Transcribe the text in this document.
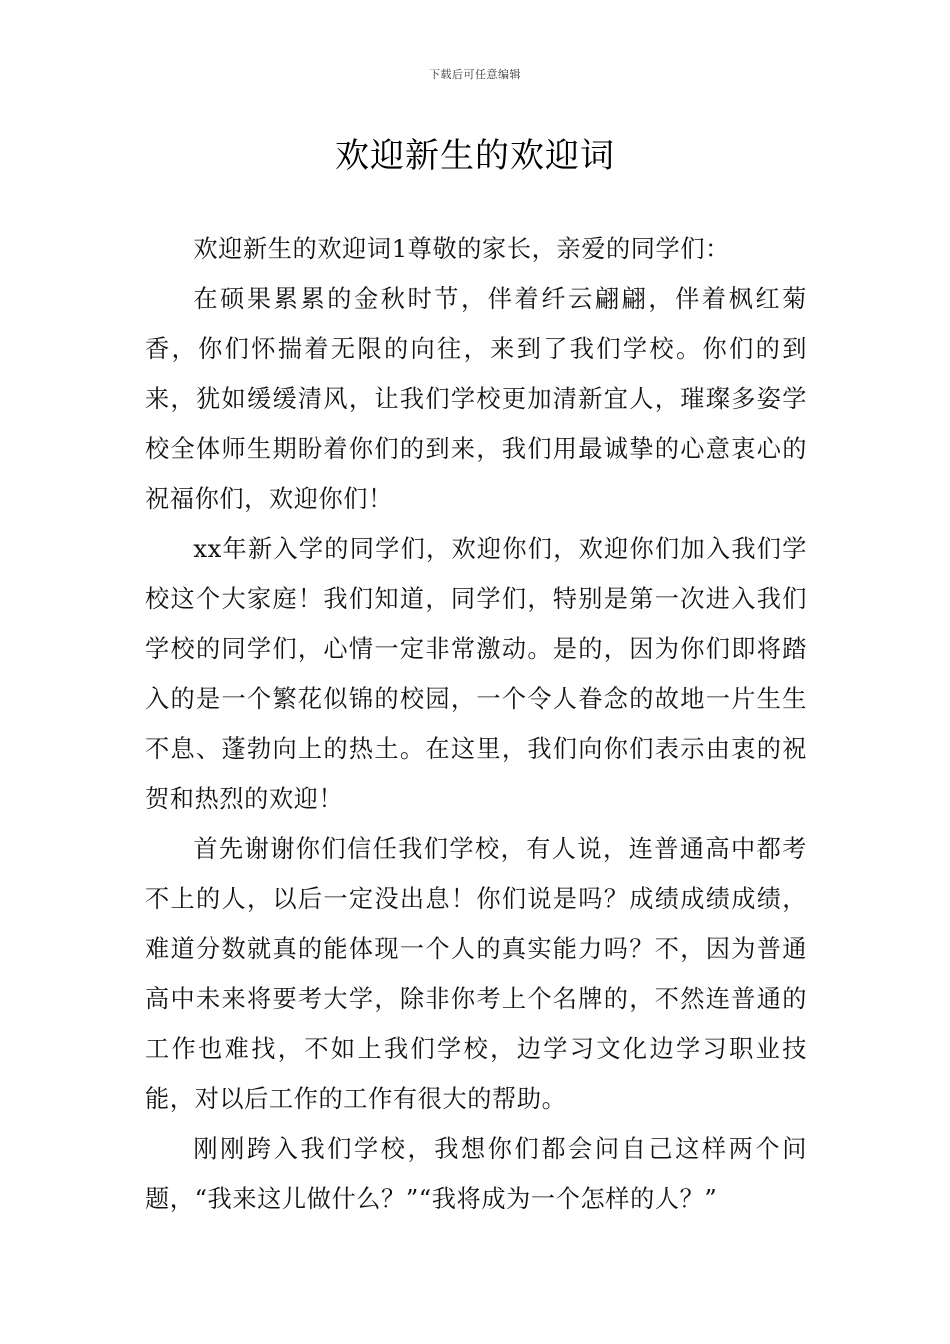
下载后可任意编辑
欢迎新生的欢迎词

欢迎新生的欢迎词1尊敬的家长，亲爱的同学们：

在硕果累累的金秋时节，伴着纤云翩翩，伴着枫红菊香，你们怀揣着无限的向往，来到了我们学校。你们的到来，犹如缓缓清风，让我们学校更加清新宜人，璀璨多姿学校全体师生期盼着你们的到来，我们用最诚挚的心意衷心的祝福你们，欢迎你们！

xx年新入学的同学们，欢迎你们，欢迎你们加入我们学校这个大家庭！我们知道，同学们，特别是第一次进入我们学校的同学们，心情一定非常激动。是的，因为你们即将踏入的是一个繁花似锦的校园，一个令人眷念的故地一片生生不息、蓬勃向上的热土。在这里，我们向你们表示由衷的祝贺和热烈的欢迎！

首先谢谢你们信任我们学校，有人说，连普通高中都考不上的人，以后一定没出息！你们说是吗？成绩成绩成绩，难道分数就真的能体现一个人的真实能力吗？不，因为普通高中未来将要考大学，除非你考上个名牌的，不然连普通的工作也难找，不如上我们学校，边学习文化边学习职业技能，对以后工作的工作有很大的帮助。

刚刚跨入我们学校，我想你们都会问自己这样两个问题，“我来这儿做什么？”“我将成为一个怎样的人？”
